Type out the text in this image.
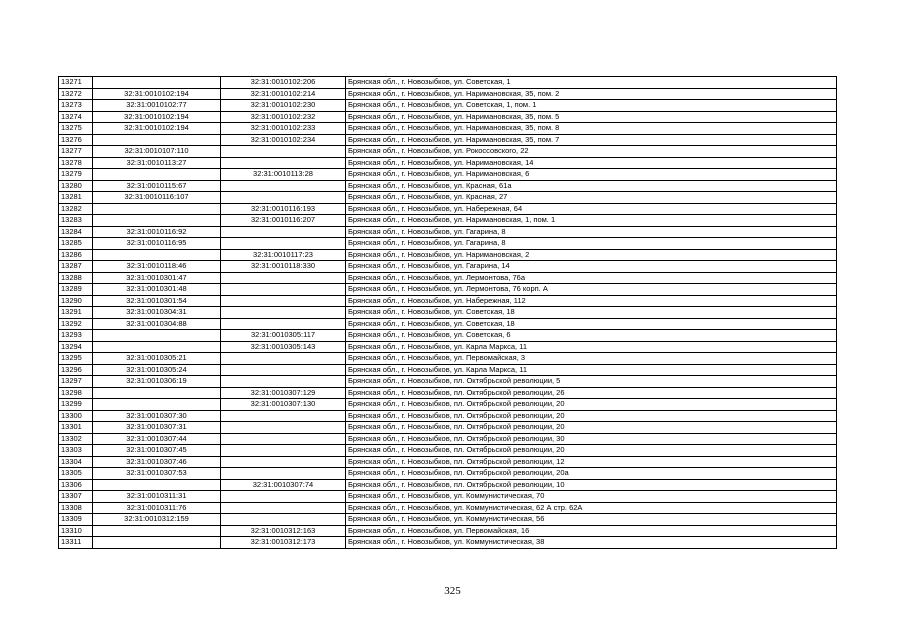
13271		32:31:0010102:206	Брянская обл., г. Новозыбков, ул. Советская, 1
13272	32:31:0010102:194	32:31:0010102:214	Брянская обл., г. Новозыбков, ул. Наримановская, 35, пом. 2
13273	32:31:0010102:77	32:31:0010102:230	Брянская обл., г. Новозыбков, ул. Советская, 1, пом. 1
13274	32:31:0010102:194	32:31:0010102:232	Брянская обл., г. Новозыбков, ул. Наримановская, 35, пом. 5
13275	32:31:0010102:194	32:31:0010102:233	Брянская обл., г. Новозыбков, ул. Наримановская, 35, пом. 8
13276		32:31:0010102:234	Брянская обл., г. Новозыбков, ул. Наримановская, 35, пом. 7
13277	32:31:0010107:110		Брянская обл., г. Новозыбков, ул. Рокоссовского, 22
13278	32:31:0010113:27		Брянская обл., г. Новозыбков, ул. Наримановская, 14
13279		32:31:0010113:28	Брянская обл., г. Новозыбков, ул. Наримановская, 6
13280	32:31:0010115:67		Брянская обл., г. Новозыбков, ул. Красная, 61а
13281	32:31:0010116:107		Брянская обл., г. Новозыбков, ул. Красная, 27
13282		32:31:0010116:193	Брянская обл., г. Новозыбков, ул. Набережная, 64
13283		32:31:0010116:207	Брянская обл., г. Новозыбков, ул. Наримановская, 1, пом. 1
13284	32:31:0010116:92		Брянская обл., г. Новозыбков, ул. Гагарина, 8
13285	32:31:0010116:95		Брянская обл., г. Новозыбков, ул. Гагарина, 8
13286		32:31:0010117:23	Брянская обл., г. Новозыбков, ул. Наримановская, 2
13287	32:31:0010118:46	32:31:0010118:330	Брянская обл., г. Новозыбков, ул. Гагарина, 14
13288	32:31:0010301:47		Брянская обл., г. Новозыбков, ул. Лермонтова, 76а
13289	32:31:0010301:48		Брянская обл., г. Новозыбков, ул. Лермонтова, 76 корп. А
13290	32:31:0010301:54		Брянская обл., г. Новозыбков, ул. Набережная, 112
13291	32:31:0010304:31		Брянская обл., г. Новозыбков, ул. Советская, 18
13292	32:31:0010304:88		Брянская обл., г. Новозыбков, ул. Советская, 18
13293		32:31:0010305:117	Брянская обл., г. Новозыбков, ул. Советская, 6
13294		32:31:0010305:143	Брянская обл., г. Новозыбков, ул. Карла Маркса, 11
13295	32:31:0010305:21		Брянская обл., г. Новозыбков, ул. Первомайская, 3
13296	32:31:0010305:24		Брянская обл., г. Новозыбков, ул. Карла Маркса, 11
13297	32:31:0010306:19		Брянская обл., г. Новозыбков, пл. Октябрьской революции, 5
13298		32:31:0010307:129	Брянская обл., г. Новозыбков, пл. Октябрьской революции, 26
13299		32:31:0010307:130	Брянская обл., г. Новозыбков, пл. Октябрьской революции, 20
13300	32:31:0010307:30		Брянская обл., г. Новозыбков, пл. Октябрьской революции, 20
13301	32:31:0010307:31		Брянская обл., г. Новозыбков, пл. Октябрьской революции, 20
13302	32:31:0010307:44		Брянская обл., г. Новозыбков, пл. Октябрьской революции, 30
13303	32:31:0010307:45		Брянская обл., г. Новозыбков, пл. Октябрьской революции, 20
13304	32:31:0010307:46		Брянская обл., г. Новозыбков, пл. Октябрьской революции, 12
13305	32:31:0010307:53		Брянская обл., г. Новозыбков, пл. Октябрьской революции, 20а
13306		32:31:0010307:74	Брянская обл., г. Новозыбков, пл. Октябрьской революции, 10
13307	32:31:0010311:31		Брянская обл., г. Новозыбков, ул. Коммунистическая, 70
13308	32:31:0010311:76		Брянская обл., г. Новозыбков, ул. Коммунистическая, 62 А стр. 62А
13309	32:31:0010312:159		Брянская обл., г. Новозыбков, ул. Коммунистическая, 56
13310		32:31:0010312:163	Брянская обл., г. Новозыбков, ул. Первомайская, 16
13311		32:31:0010312:173	Брянская обл., г. Новозыбков, ул. Коммунистическая, 38
325
